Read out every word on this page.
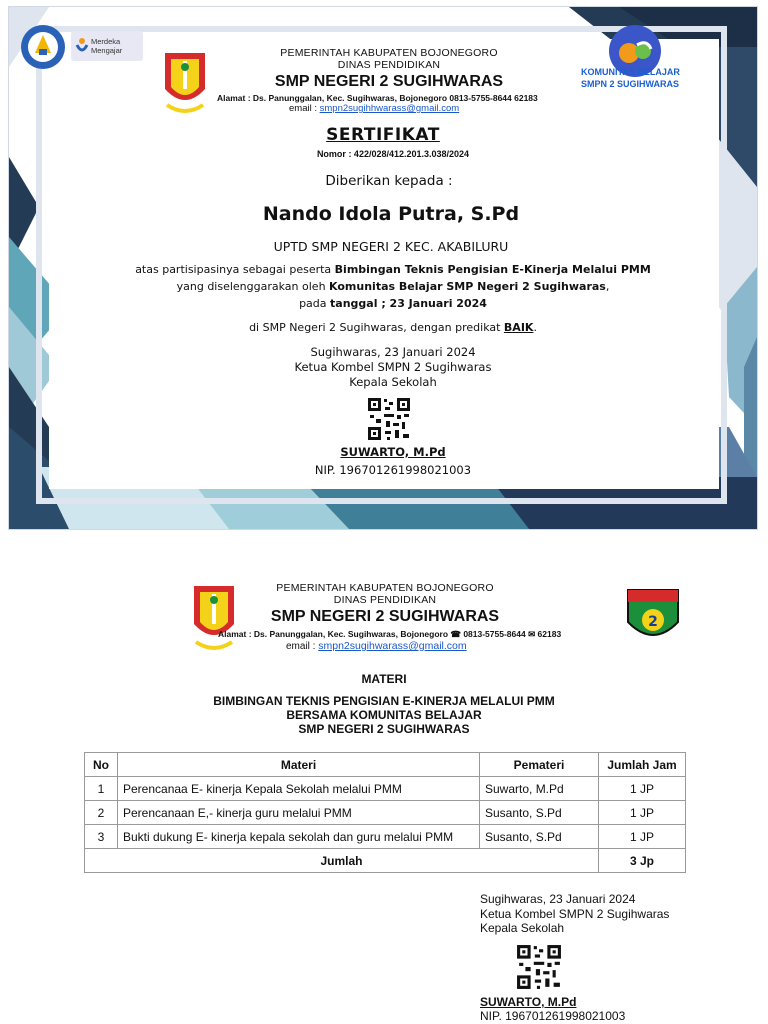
Merdeka Mengajar
KOMUNITAS BELAJAR
SMPN 2 SUGIHWARAS
PEMERINTAH KABUPATEN BOJONEGORO
DINAS PENDIDIKAN
SMP NEGERI 2 SUGIHWARAS
Alamat : Ds. Panunggalan, Kec. Sugihwaras, Bojonegoro 0813-5755-8644 62183
email : smpn2sugihhwarass@gmail.com
SERTIFIKAT
Nomor : 422/028/412.201.3.038/2024
Diberikan kepada :
Nando Idola Putra, S.Pd
UPTD SMP NEGERI 2 KEC. AKABILURU
atas partisipasinya sebagai peserta Bimbingan Teknis Pengisian E-Kinerja Melalui PMM
yang diselenggarakan oleh Komunitas Belajar SMP Negeri 2 Sugihwaras,
pada tanggal ; 23 Januari 2024
di SMP Negeri 2 Sugihwaras, dengan predikat BAIK.
Sugihwaras, 23 Januari 2024
Ketua Kombel SMPN 2 Sugihwaras
Kepala Sekolah
SUWARTO, M.Pd
NIP. 196701261998021003
2
PEMERINTAH KABUPATEN BOJONEGORO
DINAS PENDIDIKAN
SMP NEGERI 2 SUGIHWARAS
Alamat : Ds. Panunggalan, Kec. Sugihwaras, Bojonegoro ☎ 0813-5755-8644 ✉ 62183
email : smpn2sugihwarass@gmail.com
MATERI
BIMBINGAN TEKNIS PENGISIAN E-KINERJA MELALUI PMM
BERSAMA KOMUNITAS BELAJAR
SMP NEGERI 2 SUGIHWARAS
No	Materi	Pemateri	Jumlah Jam
1	Perencanaa E- kinerja Kepala Sekolah melalui PMM	Suwarto, M.Pd	1 JP
2	Perencanaan E,- kinerja guru melalui PMM	Susanto, S.Pd	1 JP
3	Bukti dukung E- kinerja kepala sekolah dan guru melalui PMM	Susanto, S.Pd	1 JP
Jumlah			3 Jp
Sugihwaras, 23 Januari 2024
Ketua Kombel SMPN 2 Sugihwaras
Kepala Sekolah
SUWARTO, M.Pd
NIP. 196701261998021003
